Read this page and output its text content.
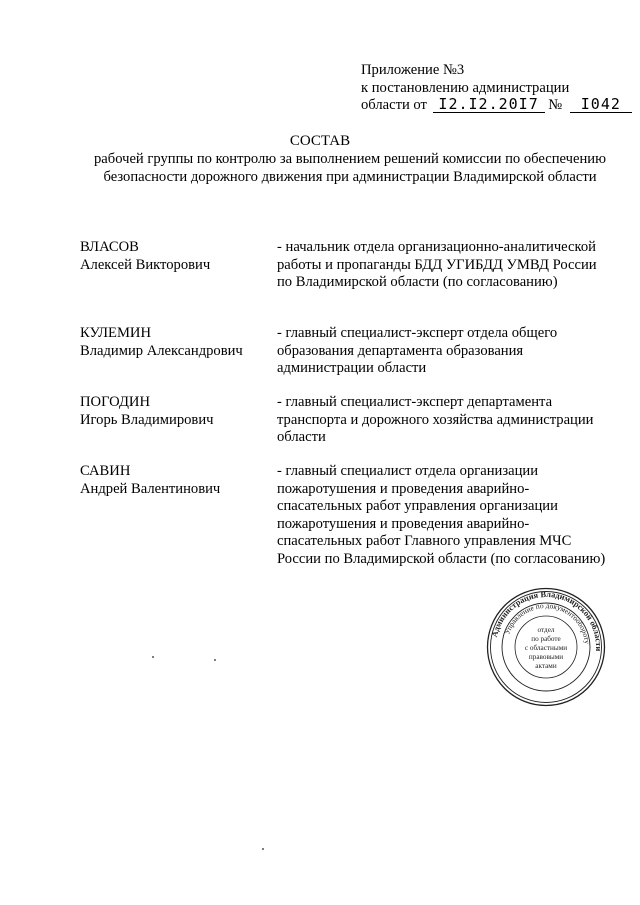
Приложение №3
к постановлению администрации
области от I2.I2.20I7 № I042
СОСТАВ
рабочей группы по контролю за выполнением решений комиссии по обеспечению безопасности дорожного движения при администрации Владимирской области
ВЛАСОВ
Алексей Викторович
- начальник отдела организационно-аналитической работы и пропаганды БДД УГИБДД УМВД России по Владимирской области (по согласованию)
КУЛЕМИН
Владимир Александрович
- главный специалист-эксперт отдела общего образования департамента образования администрации области
ПОГОДИН
Игорь Владимирович
- главный специалист-эксперт департамента транспорта и дорожного хозяйства администрации области
САВИН
Андрей Валентинович
- главный специалист отдела организации пожаротушения и проведения аварийно-спасательных работ управления организации пожаротушения и проведения аварийно-спасательных работ Главного управления МЧС России по Владимирской области (по согласованию)
Администрация Владимирской области
Управление по документообороту
отдел
по работе
с областными
правовыми
актами
